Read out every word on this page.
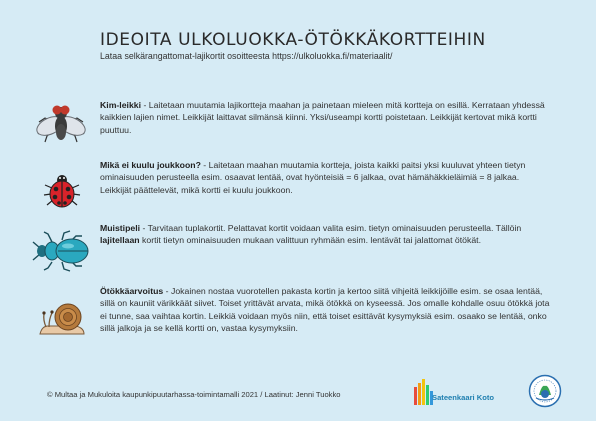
IDEOITA ULKOLUOKKA-ÖTÖKKÄKORTTEIHIN
Lataa selkärangattomat-lajikortit osoitteesta https://ulkoluokka.fi/materiaalit/
Kim-leikki - Laitetaan muutamia lajikortteja maahan ja painetaan mieleen mitä kortteja on esillä. Kerrataan yhdessä kaikkien lajien nimet. Leikkijät laittavat silmänsä kiinni. Yksi/useampi kortti poistetaan. Leikkijät kertovat mikä kortti puuttuu.
Mikä ei kuulu joukkoon? - Laitetaan maahan muutamia kortteja, joista kaikki paitsi yksi kuuluvat yhteen tietyn ominaisuuden perusteella esim. osaavat lentää, ovat hyönteisiä = 6 jalkaa, ovat hämähäkkieläimiä = 8 jalkaa. Leikkijät päättelevät, mikä kortti ei kuulu joukkoon.
Muistipeli - Tarvitaan tuplakortit. Pelattavat kortit voidaan valita esim. tietyn ominaisuuden perusteella. Tällöin lajitellaan kortit tietyn ominaisuuden mukaan valittuun ryhmään esim. lentävät tai jalattomat ötökät.
Ötökkäarvoitus - Jokainen nostaa vuorotellen pakasta kortin ja kertoo siitä vihjeitä leikkijöille esim. se osaa lentää, sillä on kauniit värikkäät siivet. Toiset yrittävät arvata, mikä ötökkä on kyseessä. Jos omalle kohdalle osuu ötökkä jota ei tunne, saa vaihtaa kortin. Leikkiä voidaan myös niin, että toiset esittävät kysymyksiä esim. osaako se lentää, onko sillä jalkoja ja se kellä kortti on, vastaa kysymyksiin.
© Multaa ja Mukuloita kaupunkipuutarhassa-toimintamalli 2021 / Laatinut: Jenni Tuokko	Sateenkaari Koto
